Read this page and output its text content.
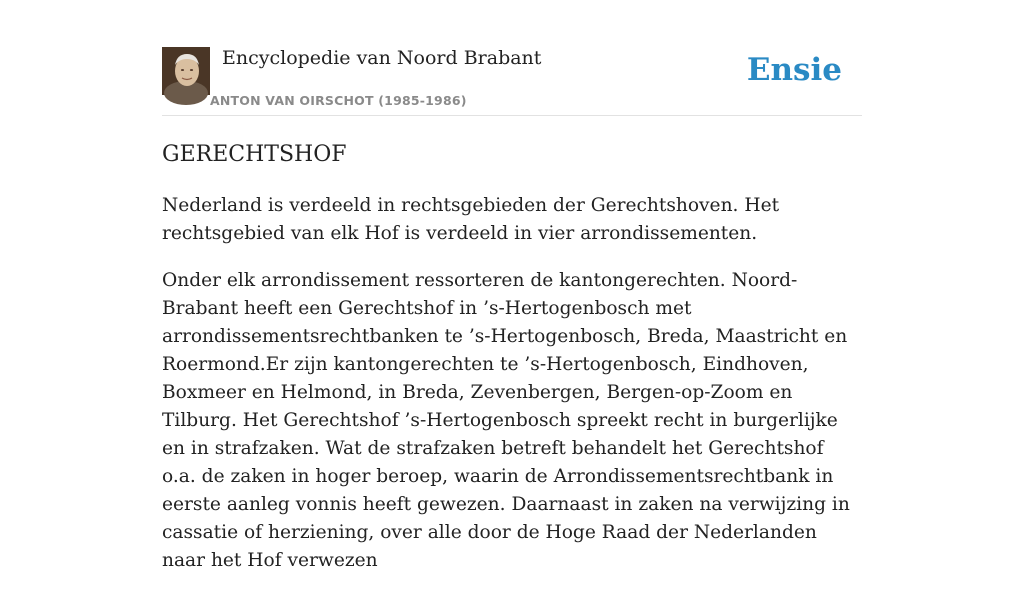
Encyclopedie van Noord Brabant
ANTON VAN OIRSCHOT (1985-1986)
Ensie
GERECHTSHOF

Nederland is verdeeld in rechtsgebieden der Gerechtshoven. Het rechtsgebied van elk Hof is verdeeld in vier arrondissementen.

Onder elk arrondissement ressorteren de kantongerechten. Noord-Brabant heeft een Gerechtshof in ’s-Hertogenbosch met arrondissementsrechtbanken te ’s-Hertogenbosch, Breda, Maastricht en Roermond.Er zijn kantongerechten te ’s-Hertogenbosch, Eindhoven, Boxmeer en Helmond, in Breda, Zevenbergen, Bergen-op-Zoom en Tilburg. Het Gerechtshof ’s-Hertogenbosch spreekt recht in burgerlijke en in strafzaken. Wat de strafzaken betreft behandelt het Gerechtshof o.a. de zaken in hoger beroep, waarin de Arrondissementsrechtbank in eerste aanleg vonnis heeft gewezen. Daarnaast in zaken na verwijzing in cassatie of herziening, over alle door de Hoge Raad der Nederlanden naar het Hof verwezen
